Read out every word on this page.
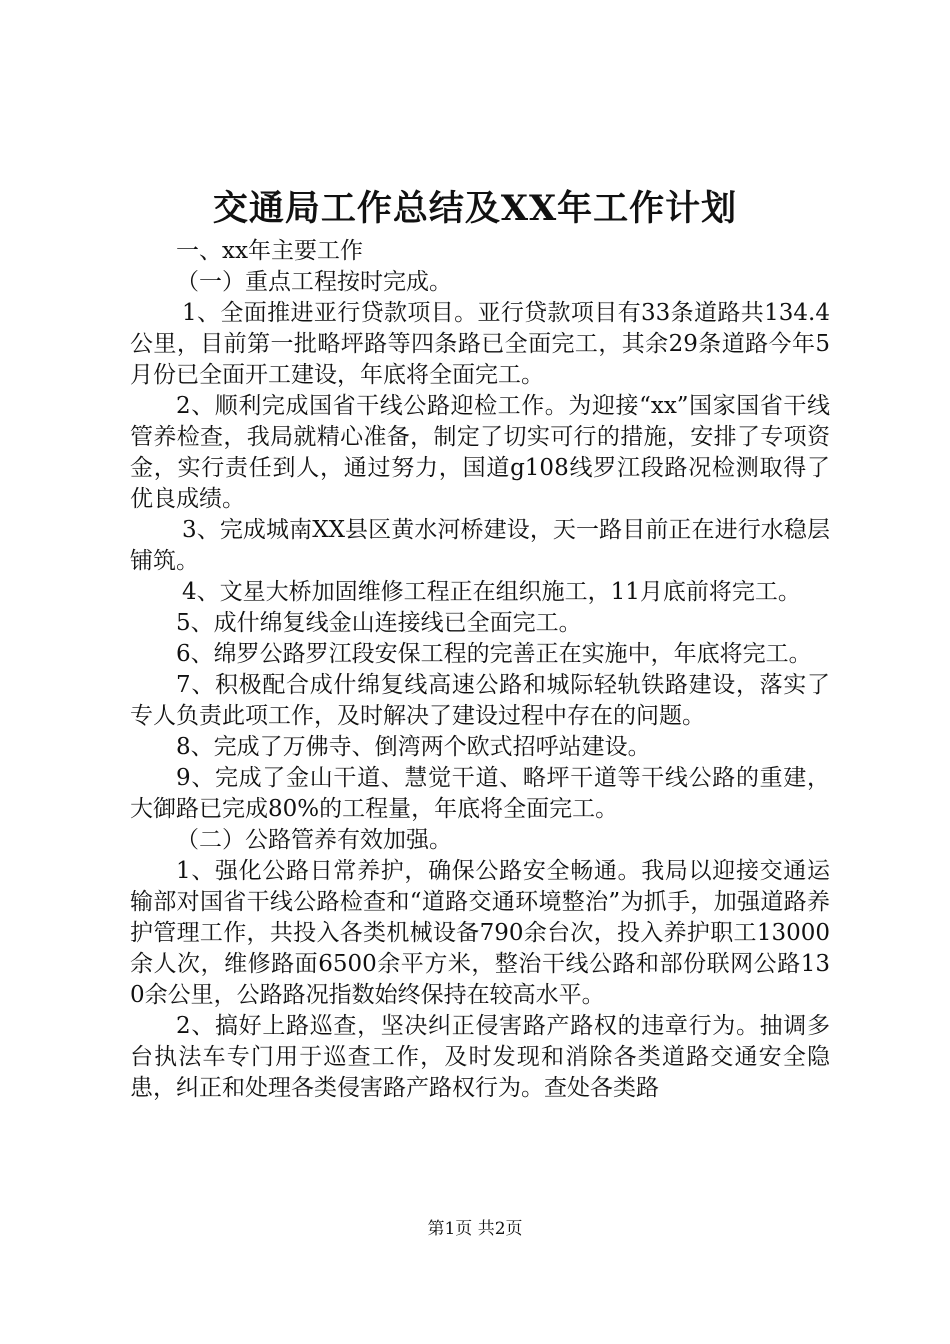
交通局工作总结及XX年工作计划

一、xx年主要工作

（一）重点工程按时完成。

1、全面推进亚行贷款项目。亚行贷款项目有33条道路共134.4公里，目前第一批略坪路等四条路已全面完工，其余29条道路今年5月份已全面开工建设，年底将全面完工。

2、顺利完成国省干线公路迎检工作。为迎接“xx”国家国省干线管养检查，我局就精心准备，制定了切实可行的措施，安排了专项资金，实行责任到人，通过努力，国道g108线罗江段路况检测取得了优良成绩。

3、完成城南XX县区黄水河桥建设，天一路目前正在进行水稳层铺筑。

4、文星大桥加固维修工程正在组织施工，11月底前将完工。

5、成什绵复线金山连接线已全面完工。

6、绵罗公路罗江段安保工程的完善正在实施中，年底将完工。

7、积极配合成什绵复线高速公路和城际轻轨铁路建设，落实了专人负责此项工作，及时解决了建设过程中存在的问题。

8、完成了万佛寺、倒湾两个欧式招呼站建设。

9、完成了金山干道、慧觉干道、略坪干道等干线公路的重建，大御路已完成80%的工程量，年底将全面完工。

（二）公路管养有效加强。

1、强化公路日常养护，确保公路安全畅通。我局以迎接交通运输部对国省干线公路检查和“道路交通环境整治”为抓手，加强道路养护管理工作，共投入各类机械设备790余台次，投入养护职工13000余人次，维修路面6500余平方米，整治干线公路和部份联网公路130余公里，公路路况指数始终保持在较高水平。

2、搞好上路巡查，坚决纠正侵害路产路权的违章行为。抽调多台执法车专门用于巡查工作，及时发现和消除各类道路交通安全隐患，纠正和处理各类侵害路产路权行为。查处各类路

第1页 共2页
